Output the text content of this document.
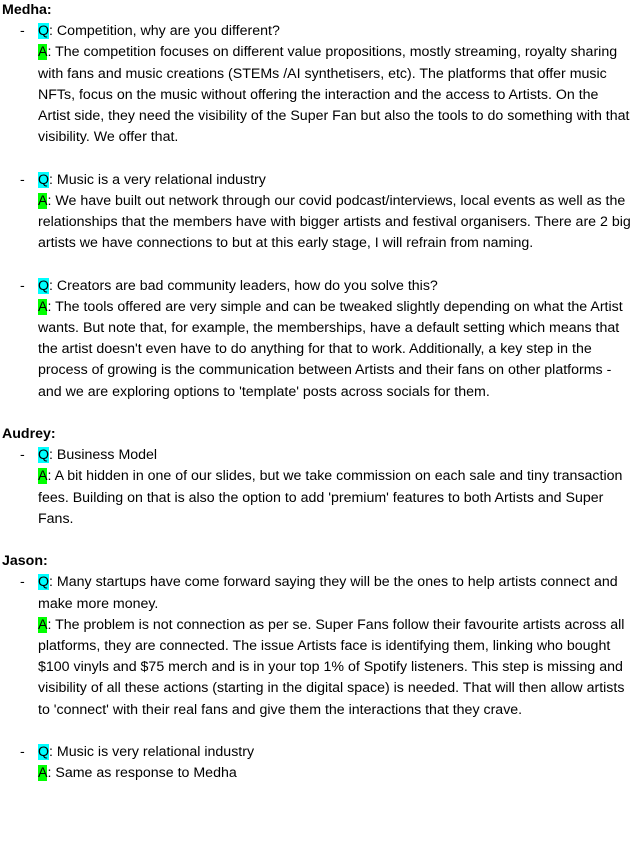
Medha:

- Q: Competition, why are you different?
A: The competition focuses on different value propositions, mostly streaming, royalty sharing with fans and music creations (STEMs /AI synthetisers, etc). The platforms that offer music NFTs, focus on the music without offering the interaction and the access to Artists. On the Artist side, they need the visibility of the Super Fan but also the tools to do something with that visibility. We offer that.
- Q: Music is a very relational industry
A: We have built out network through our covid podcast/interviews, local events as well as the relationships that the members have with bigger artists and festival organisers. There are 2 big artists we have connections to but at this early stage, I will refrain from naming.
- Q: Creators are bad community leaders, how do you solve this?
A: The tools offered are very simple and can be tweaked slightly depending on what the Artist wants. But note that, for example, the memberships, have a default setting which means that the artist doesn't even have to do anything for that to work. Additionally, a key step in the process of growing is the communication between Artists and their fans on other platforms - and we are exploring options to 'template' posts across socials for them.

Audrey:

- Q: Business Model
A: A bit hidden in one of our slides, but we take commission on each sale and tiny transaction fees. Building on that is also the option to add 'premium' features to both Artists and Super Fans.

Jason:

- Q: Many startups have come forward saying they will be the ones to help artists connect and make more money.
A: The problem is not connection as per se. Super Fans follow their favourite artists across all platforms, they are connected. The issue Artists face is identifying them, linking who bought $100 vinyls and $75 merch and is in your top 1% of Spotify listeners. This step is missing and visibility of all these actions (starting in the digital space) is needed. That will then allow artists to 'connect' with their real fans and give them the interactions that they crave.
- Q: Music is very relational industry
A: Same as response to Medha
